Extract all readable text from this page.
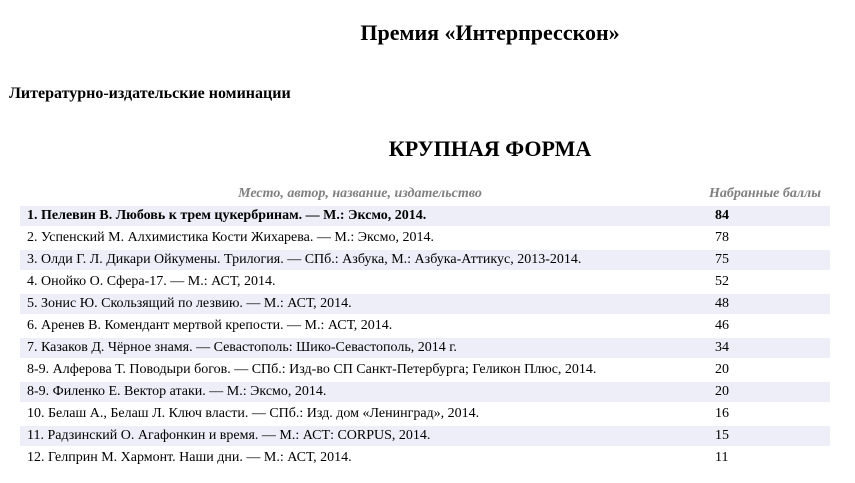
Премия «Интерпресскон»
Литературно-издательские номинации
КРУПНАЯ ФОРМА
Место, автор, название, издательство	Набранные баллы
1. Пелевин В. Любовь к трем цукербринам. — М.: Эксмо, 2014.	84
2. Успенский М. Алхимистика Кости Жихарева. — М.: Эксмо, 2014.	78
3. Олди Г. Л. Дикари Ойкумены. Трилогия. — СПб.: Азбука, М.: Азбука-Аттикус, 2013-2014.	75
4. Онойко О. Сфера-17. — М.: АСТ, 2014.	52
5. Зонис Ю. Скользящий по лезвию. — М.: АСТ, 2014.	48
6. Аренев В. Комендант мертвой крепости. — М.: АСТ, 2014.	46
7. Казаков Д. Чёрное знамя. — Севастополь: Шико-Севастополь, 2014 г.	34
8-9. Алферова Т. Поводыри богов. — СПб.: Изд-во СП Санкт-Петербурга; Геликон Плюс, 2014.	20
8-9. Филенко Е. Вектор атаки. — М.: Эксмо, 2014.	20
10. Белаш А., Белаш Л. Ключ власти. — СПб.: Изд. дом «Ленинград», 2014.	16
11. Радзинский О. Агафонкин и время. — М.: АСТ: CORPUS, 2014.	15
12. Гелприн М. Хармонт. Наши дни. — М.: АСТ, 2014.	11
